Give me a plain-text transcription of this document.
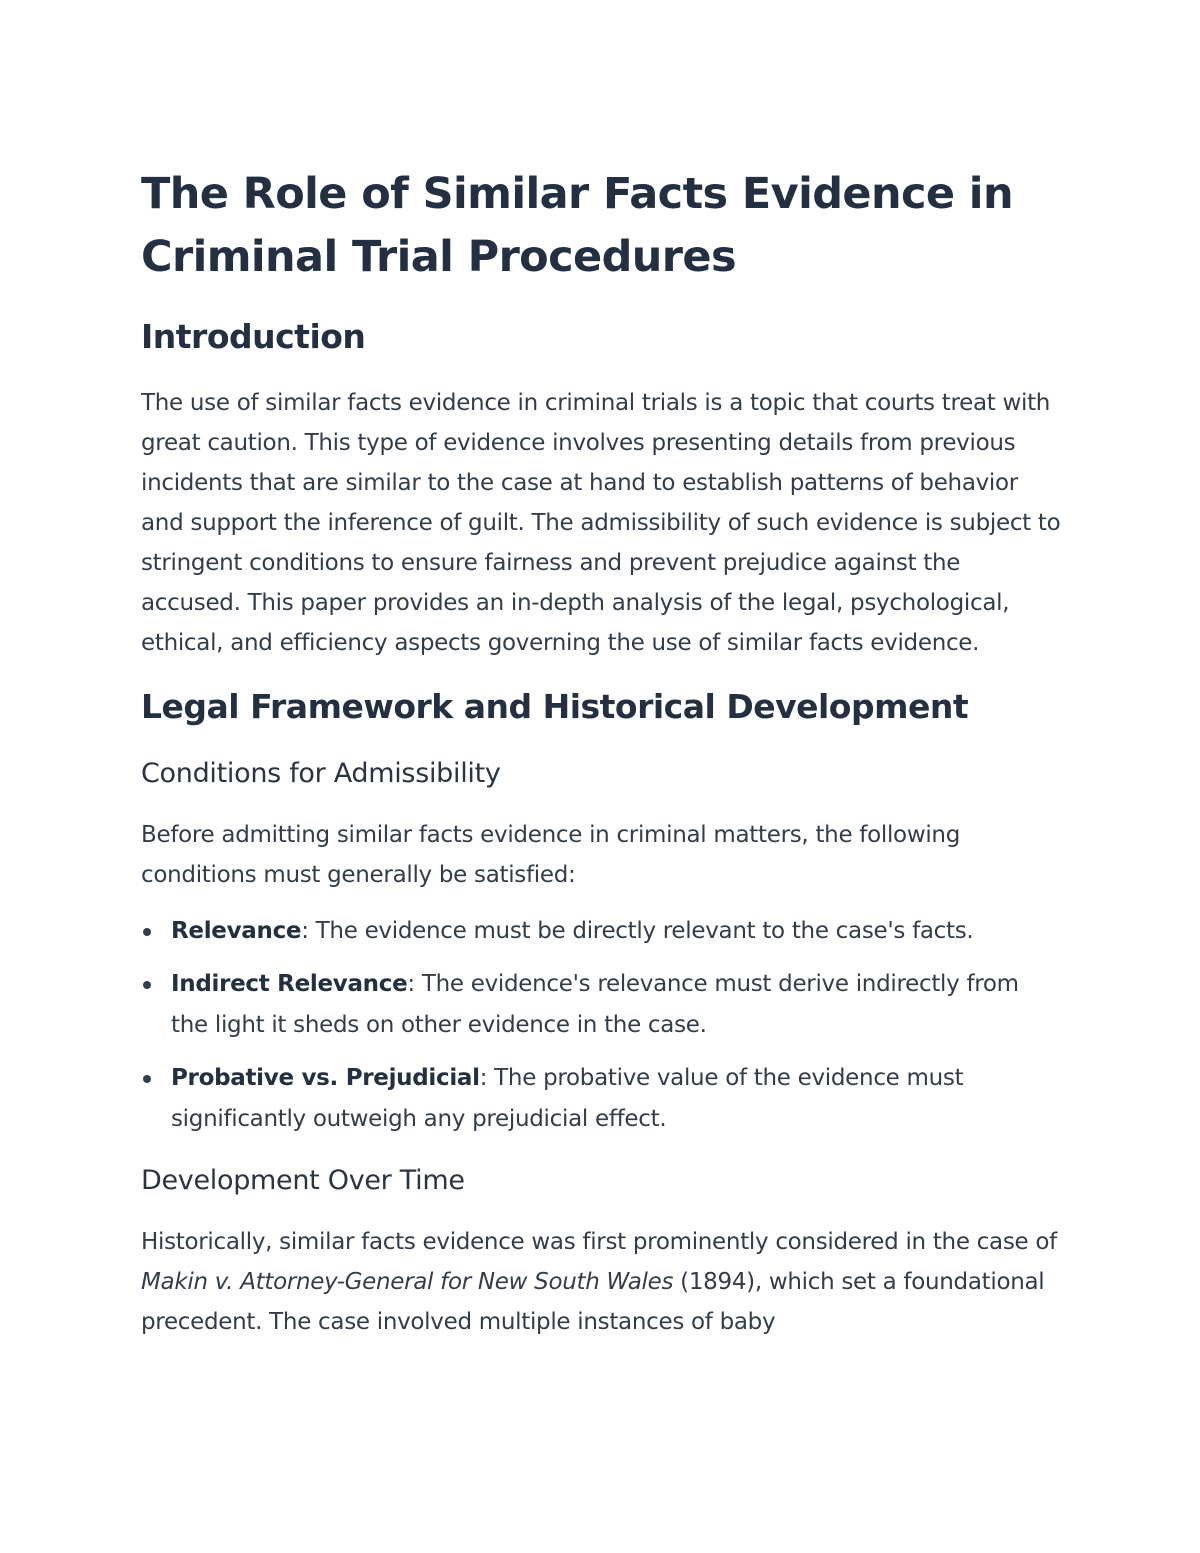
The Role of Similar Facts Evidence in Criminal Trial Procedures
Introduction

The use of similar facts evidence in criminal trials is a topic that courts treat with great caution. This type of evidence involves presenting details from previous incidents that are similar to the case at hand to establish patterns of behavior and support the inference of guilt. The admissibility of such evidence is subject to stringent conditions to ensure fairness and prevent prejudice against the accused. This paper provides an in-depth analysis of the legal, psychological, ethical, and efficiency aspects governing the use of similar facts evidence.

Legal Framework and Historical Development
Conditions for Admissibility

Before admitting similar facts evidence in criminal matters, the following conditions must generally be satisfied:

Relevance: The evidence must be directly relevant to the case's facts.
Indirect Relevance: The evidence's relevance must derive indirectly from the light it sheds on other evidence in the case.
Probative vs. Prejudicial: The probative value of the evidence must significantly outweigh any prejudicial effect.
Development Over Time

Historically, similar facts evidence was first prominently considered in the case of Makin v. Attorney-General for New South Wales (1894), which set a foundational precedent. The case involved multiple instances of baby
